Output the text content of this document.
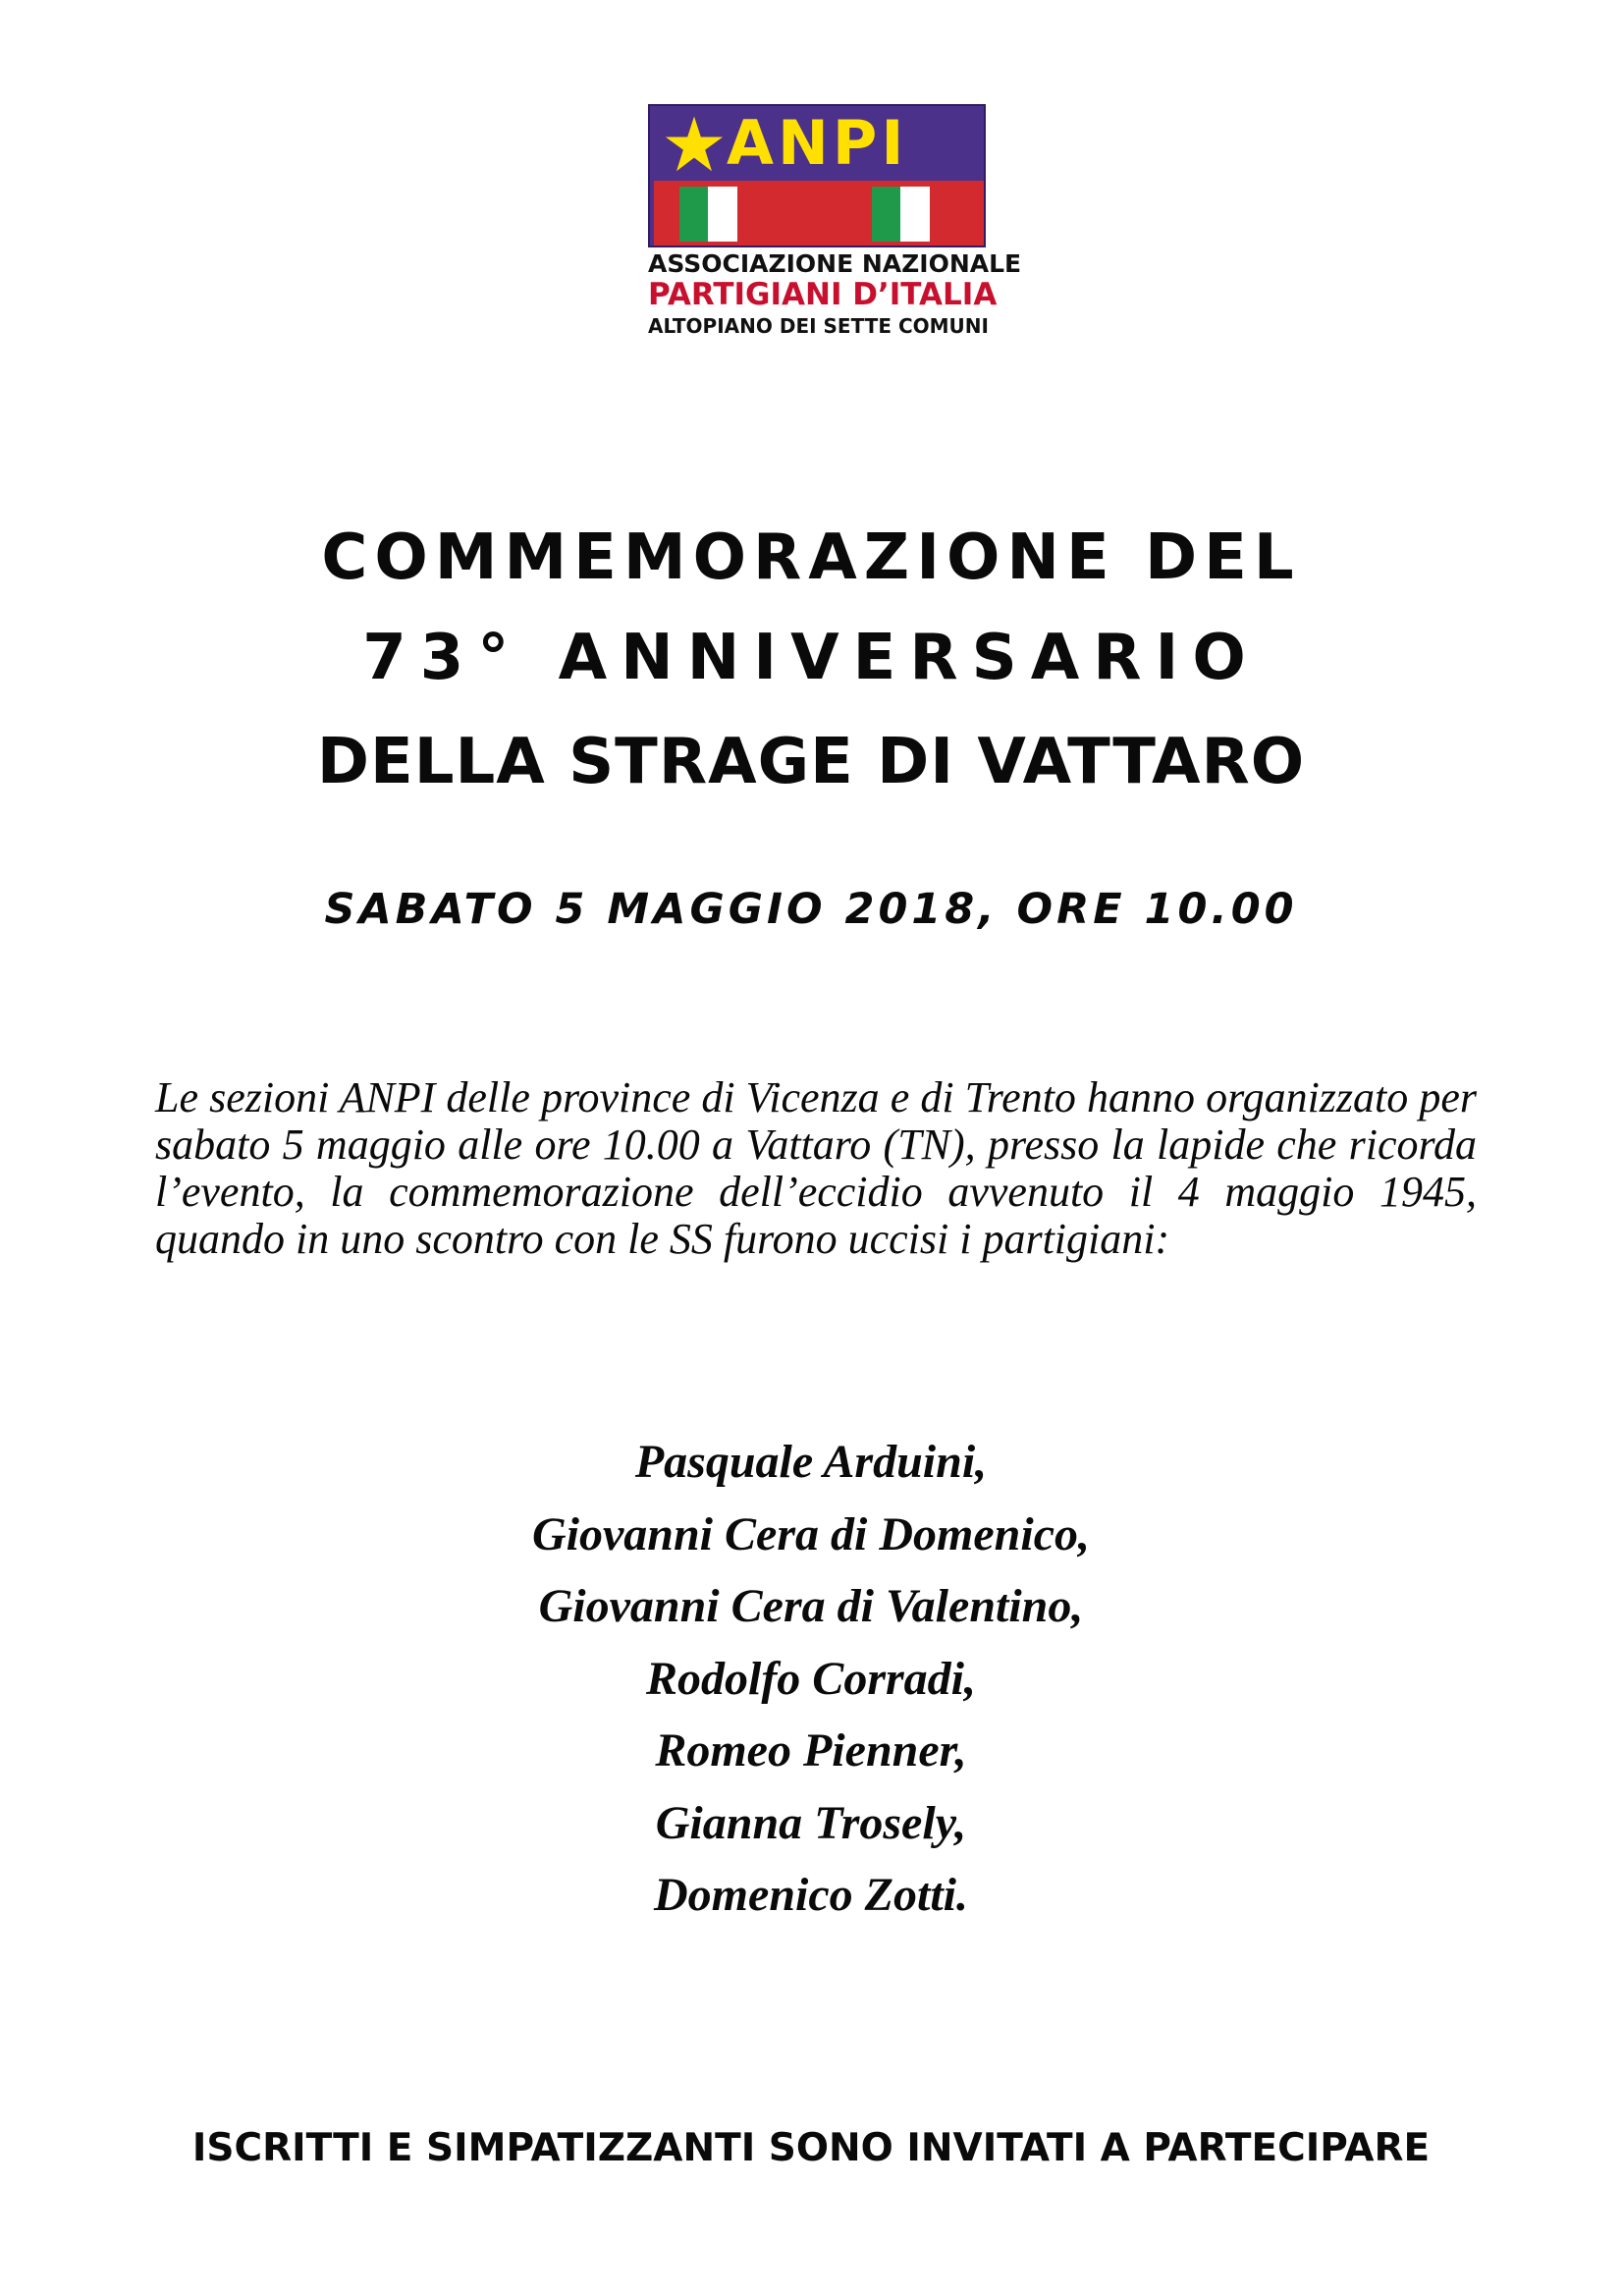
ANPI
ASSOCIAZIONE NAZIONALE
PARTIGIANI D’ITALIA
ALTOPIANO DEI SETTE COMUNI
COMMEMORAZIONE DEL
73° ANNIVERSARIO
DELLA STRAGE DI VATTARO
SABATO 5 MAGGIO 2018, ORE 10.00

Le sezioni ANPI delle province di Vicenza e di Trento hanno organizzato per sabato 5 maggio alle ore 10.00 a Vattaro (TN), presso la lapide che ricorda l’evento, la commemorazione dell’eccidio avvenuto il 4 maggio 1945, quando in uno scontro con le SS furono uccisi i partigiani:

Pasquale Arduini,
Giovanni Cera di Domenico,
Giovanni Cera di Valentino,
Rodolfo Corradi,
Romeo Pienner,
Gianna Trosely,
Domenico Zotti.
ISCRITTI E SIMPATIZZANTI SONO INVITATI A PARTECIPARE
